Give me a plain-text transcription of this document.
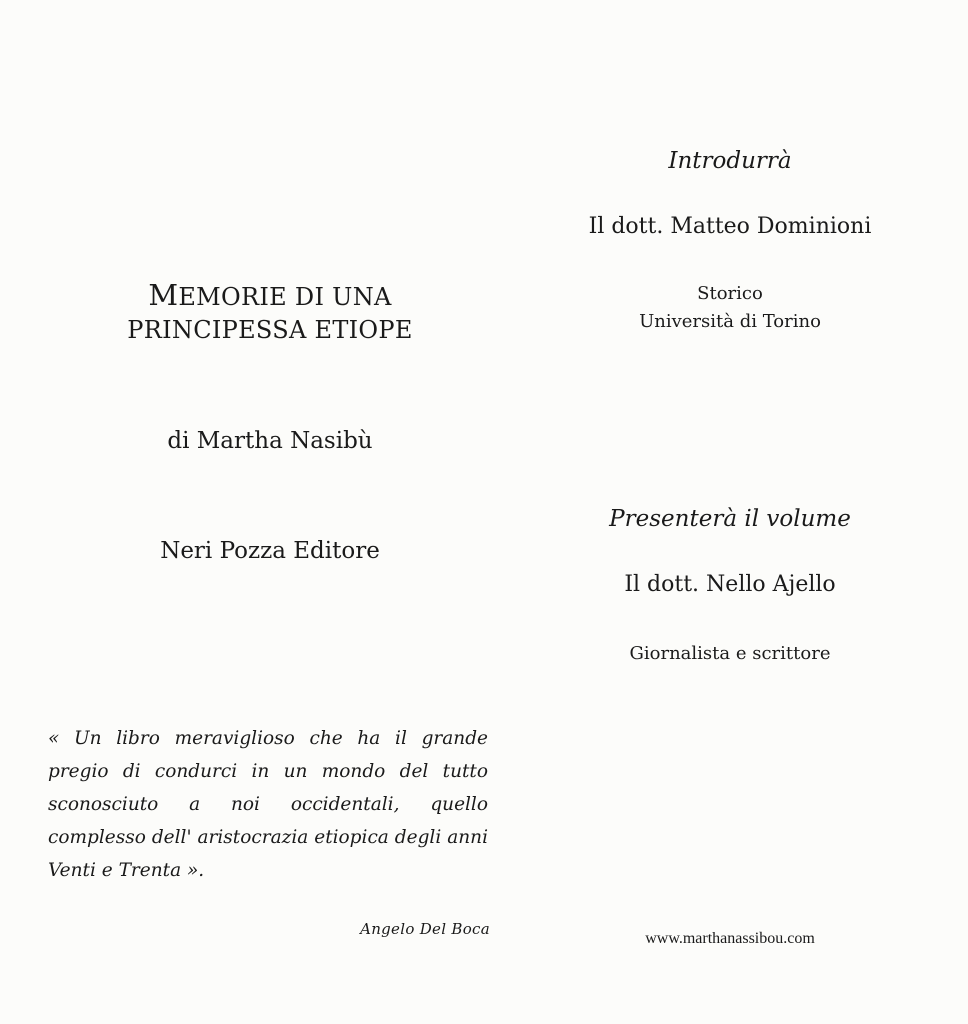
MEMORIE DI UNA
PRINCIPESSA ETIOPE
di Martha Nasibù
Neri Pozza Editore
« Un libro meraviglioso che ha il grande pregio di condurci in un mondo del tutto sconosciuto a noi occidentali, quello complesso dell' aristocrazia etiopica degli anni Venti e Trenta ».
Angelo Del Boca
Introdurrà
Il dott. Matteo Dominioni
Storico
Università di Torino
Presenterà il volume
Il dott. Nello Ajello
Giornalista e scrittore
www.marthanassibou.com
